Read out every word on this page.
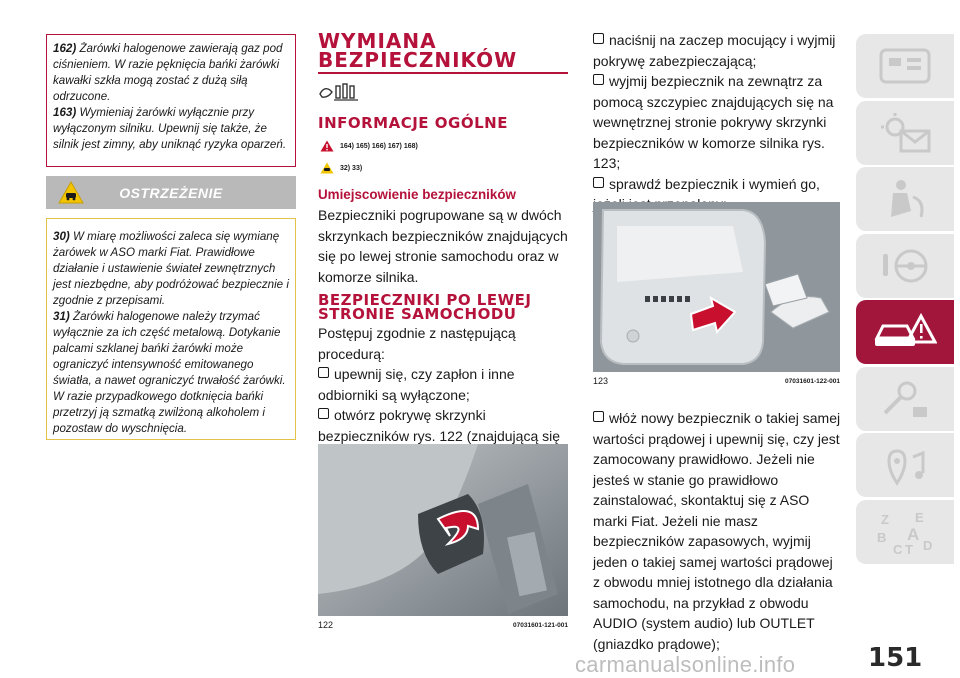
162) Żarówki halogenowe zawierają gaz pod ciśnieniem. W razie pęknięcia bańki żarówki kawałki szkła mogą zostać z dużą siłą odrzucone.
163) Wymieniaj żarówki wyłącznie przy wyłączonym silniku. Upewnij się także, że silnik jest zimny, aby uniknąć ryzyka oparzeń.
OSTRZEŻENIE
30) W miarę możliwości zaleca się wymianę żarówek w ASO marki Fiat. Prawidłowe działanie i ustawienie świateł zewnętrznych jest niezbędne, aby podróżować bezpiecznie i zgodnie z przepisami.
31) Żarówki halogenowe należy trzymać wyłącznie za ich część metalową. Dotykanie palcami szklanej bańki żarówki może ograniczyć intensywność emitowanego światła, a nawet ograniczyć trwałość żarówki. W razie przypadkowego dotknięcia bańki przetrzyj ją szmatką zwilżoną alkoholem i pozostaw do wyschnięcia.
WYMIANA
BEZPIECZNIKÓW
INFORMACJE OGÓLNE
164) 165) 166) 167) 168)
32) 33)
Umiejscowienie bezpieczników

Bezpieczniki pogrupowane są w dwóch skrzynkach bezpieczników znajdujących się po lewej stronie samochodu oraz w komorze silnika.

BEZPIECZNIKI PO LEWEJ
STRONIE SAMOCHODU

Postępuj zgodnie z następującą procedurą:

upewnij się, czy zapłon i inne odbiorniki są wyłączone;

otwórz pokrywę skrzynki bezpieczników rys. 122 (znajdującą się

122	07031601-121-001

naciśnij na zaczep mocujący i wyjmij pokrywę zabezpieczającą;

wyjmij bezpiecznik na zewnątrz za pomocą szczypiec znajdujących się na wewnętrznej stronie pokrywy skrzynki bezpieczników w komorze silnika rys. 123;

sprawdź bezpiecznik i wymień go,

123	07031601-122-001

włóż nowy bezpiecznik o takiej samej wartości prądowej i upewnij się, czy jest zamocowany prawidłowo. Jeżeli nie jesteś w stanie go prawidłowo zainstalować, skontaktuj się z ASO marki Fiat. Jeżeli nie masz bezpieczników zapasowych, wyjmij jeden o takiej samej wartości prądowej z obwodu mniej istotnego dla działania samochodu, na przykład z obwodu AUDIO (system audio) lub OUTLET (gniazdko prądowe);

Z E
B A
C T D
151
carmanualsonline.info
